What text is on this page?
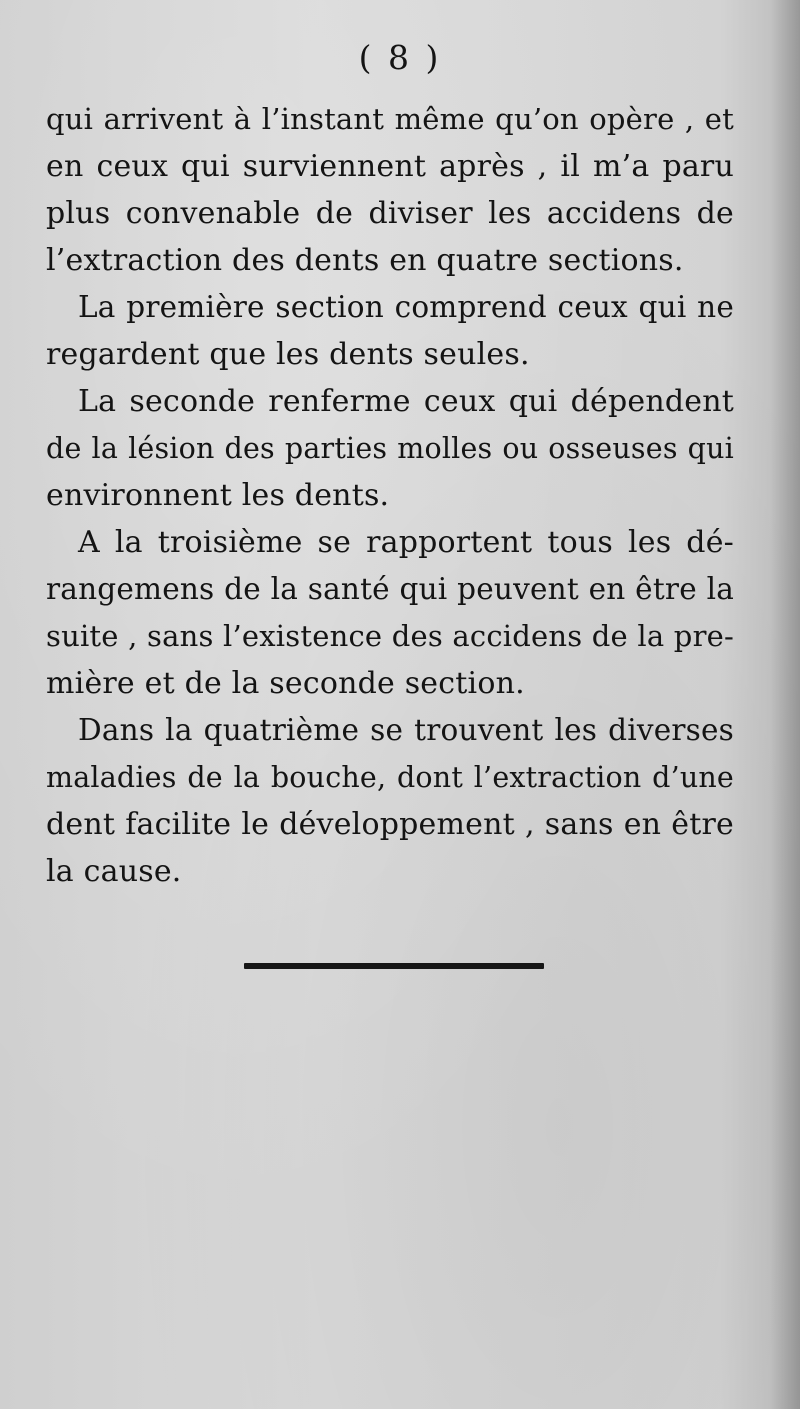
( 8 )
qui arrivent à l’instant même qu’on opère , et
en ceux qui surviennent après , il m’a paru
plus convenable de diviser les accidens de
l’extraction des dents en quatre sections.
La première section comprend ceux qui ne
regardent que les dents seules.
La seconde renferme ceux qui dépendent
de la lésion des parties molles ou osseuses qui
environnent les dents.
A la troisième se rapportent tous les dé-
rangemens de la santé qui peuvent en être la
suite , sans l’existence des accidens de la pre-
mière et de la seconde section.
Dans la quatrième se trouvent les diverses
maladies de la bouche, dont l’extraction d’une
dent facilite le développement , sans en être
la cause.
